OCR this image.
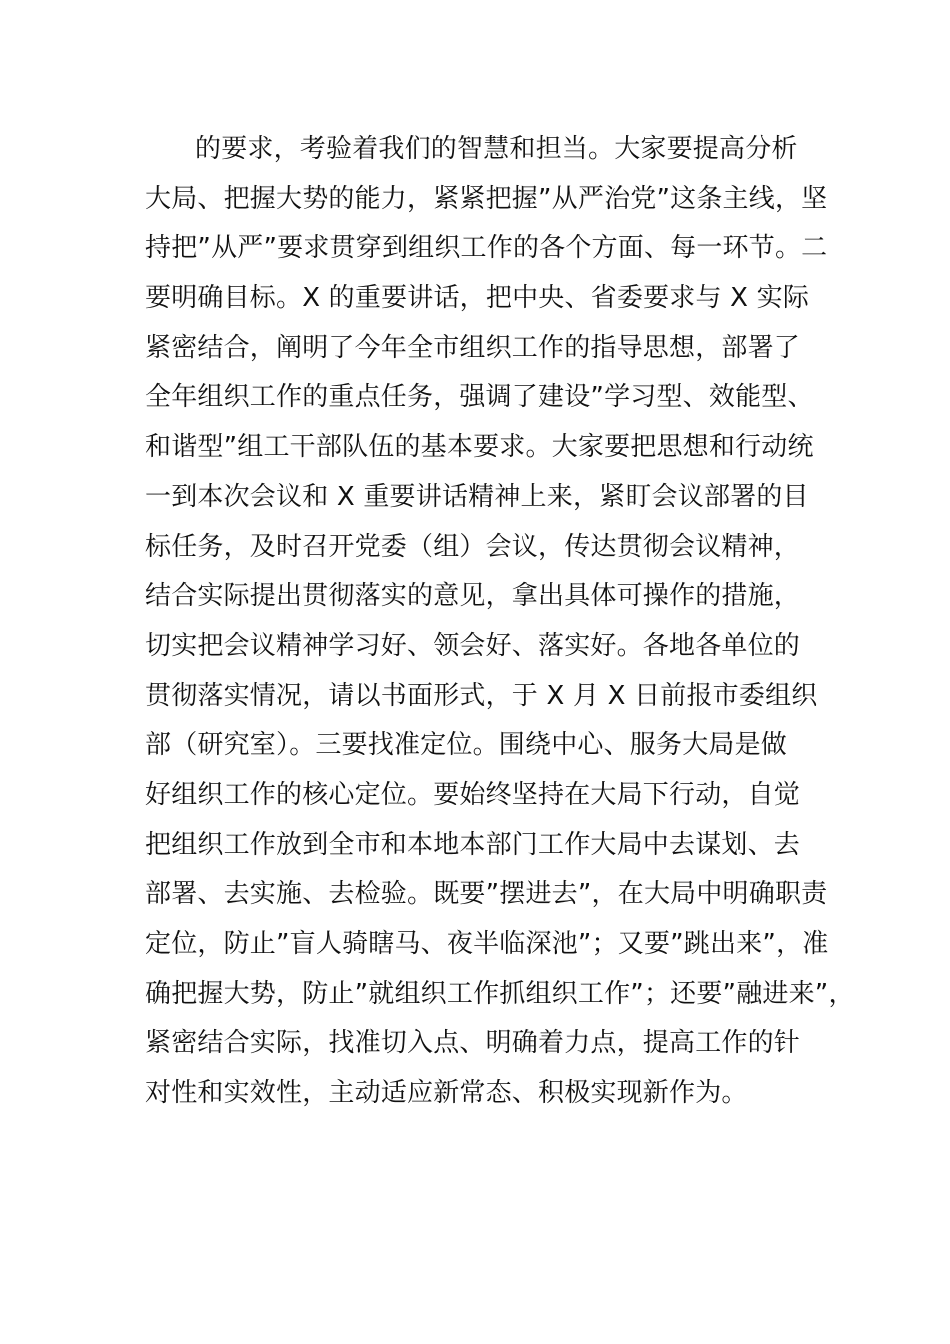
的要求，考验着我们的智慧和担当。大家要提高分析
大局、把握大势的能力，紧紧把握”从严治党”这条主线，坚
持把”从严”要求贯穿到组织工作的各个方面、每一环节。二
要明确目标。X 的重要讲话，把中央、省委要求与 X 实际
紧密结合，阐明了今年全市组织工作的指导思想，部署了
全年组织工作的重点任务，强调了建设”学习型、效能型、
和谐型”组工干部队伍的基本要求。大家要把思想和行动统
一到本次会议和 X 重要讲话精神上来，紧盯会议部署的目
标任务，及时召开党委（组）会议，传达贯彻会议精神，
结合实际提出贯彻落实的意见，拿出具体可操作的措施，
切实把会议精神学习好、领会好、落实好。各地各单位的
贯彻落实情况，请以书面形式，于 X 月 X 日前报市委组织
部（研究室）。三要找准定位。围绕中心、服务大局是做
好组织工作的核心定位。要始终坚持在大局下行动，自觉
把组织工作放到全市和本地本部门工作大局中去谋划、去
部署、去实施、去检验。既要”摆进去”，在大局中明确职责
定位，防止”盲人骑瞎马、夜半临深池”；又要”跳出来”，准
确把握大势，防止”就组织工作抓组织工作”；还要”融进来”，
紧密结合实际，找准切入点、明确着力点，提高工作的针
对性和实效性，主动适应新常态、积极实现新作为。
